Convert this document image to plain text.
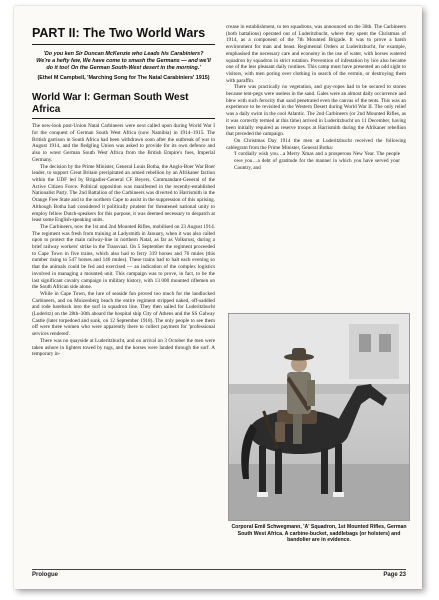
PART II: The Two World Wars
'Do you ken Sir Duncan McKenzie who Leads his Carabiniers? We're a hefty few, We have come to smash the Germans — and we'll do it too! On the German South-West desert in the morning.'
(Ethel M Campbell, 'Marching Song for The Natal Carabiniers' 1915)
World War I: German South West Africa

The new-look post-Union Natal Carbineers were next called upon during World War I for the conquest of German South West Africa (now Namibia) in 1914–1915. The British garrison in South Africa had been withdrawn soon after the outbreak of war in August 1914, and the fledgling Union was asked to provide for its own defence and also to wrest German South West Africa from the British Empire's foes, Imperial Germany.

The decision by the Prime Minister, General Louis Botha, the Anglo-Boer War Boer leader, to support Great Britain precipitated an armed rebellion by an Afrikaner faction within the UDF led by Brigadier-General CF Beyers, Commandant-General of the Active Citizen Force. Political opposition was manifested in the recently-established Nationalist Party. The 2nd Battalion of the Carbineers was diverted to Harrismith in the Orange Free State and to the northern Cape to assist in the suppression of this uprising. Although Botha had considered it politically prudent for threatened national unity to employ fellow Dutch-speakers for this purpose, it was deemed necessary to despatch at least some English-speaking units.

The Carbineers, now the 1st and 2nd Mounted Rifles, mobilised on 23 August 1914. The regiment was fresh from training at Ladysmith in January, when it was also called upon to protect the main railway-line in northern Natal, as far as Volksrust, during a brief railway workers' strike in the Transvaal. On 5 September the regiment proceeded to Cape Town in five trains, which also had to ferry 319 horses and 76 mules (this number rising to 547 horses and 146 mules). These trains had to halt each evening so that the animals could be fed and exercised — an indication of the complex logistics involved in managing a mounted unit. This campaign was to prove, in fact, to be the last significant cavalry campaign in military history, with 13 000 mounted riflemen on the South African side alone.

While in Cape Town, the lure of seaside fun proved too much for the landlocked Carbineers, and on Muizenberg beach the entire regiment stripped naked, off-saddled and rode bareback into the surf in squadron line. They then sailed for Luderitzbucht (Luderitz) on the 28th–30th aboard the hospital ship City of Athens and the SS Galway Castle (later torpedoed and sunk, on 12 September 1918). The only people to see them off were three women who were apparently there to collect payment for 'professional services rendered'.

There was no quayside at Luderitzbucht, and on arrival on 3 October the men were taken ashore in lighters towed by tugs, and the horses were landed through the surf. A temporary in-

crease in establishment, to ten squadrons, was announced on the 30th. The Carbineers (both battalions) operated out of Luderitzbucht, where they spent the Christmas of 1914, as a component of the 7th Mounted Brigade. It was to prove a harsh environment for man and beast. Regimental Orders at Luderitzbucht, for example, emphasised the necessary care and economy in the use of water, with horses watered squadron by squadron in strict rotation. Prevention of infestation by lice also became one of the less pleasant daily routines. This camp must have presented an odd sight to visitors, with men poring over clothing in search of the vermin, or destroying them with paraffin.

There was practically no vegetation, and guy-ropes had to be secured to stones because tent-pegs were useless in the sand. Gales were an almost daily occurrence and blew with such ferocity that sand penetrated even the canvas of the tents. This was an experience to be revisited in the Western Desert during World War II. The only relief was a daily swim in the cool Atlantic. The 2nd Carbineers (or 2nd Mounted Rifles, as it was correctly termed at this time) arrived in Luderitzbucht on 11 December, having been initially required as reserve troops at Harrismith during the Afrikaner rebellion that preceded the campaign.

On Christmas Day 1914 the men at Luderitzbucht received the following cablegram from the Prime Minister, General Botha:

'I cordially wish you…a Merry Xmas and a prosperous New Year. The people owe you…a debt of gratitude for the manner in which you have served your Country, and

Corporal Emil Schwegmann, 'A' Squadron, 1st Mounted Rifles, German South West Africa. A carbine-bucket, saddlebags (or holsters) and bandolier are in evidence.
Prologue	Page 23
